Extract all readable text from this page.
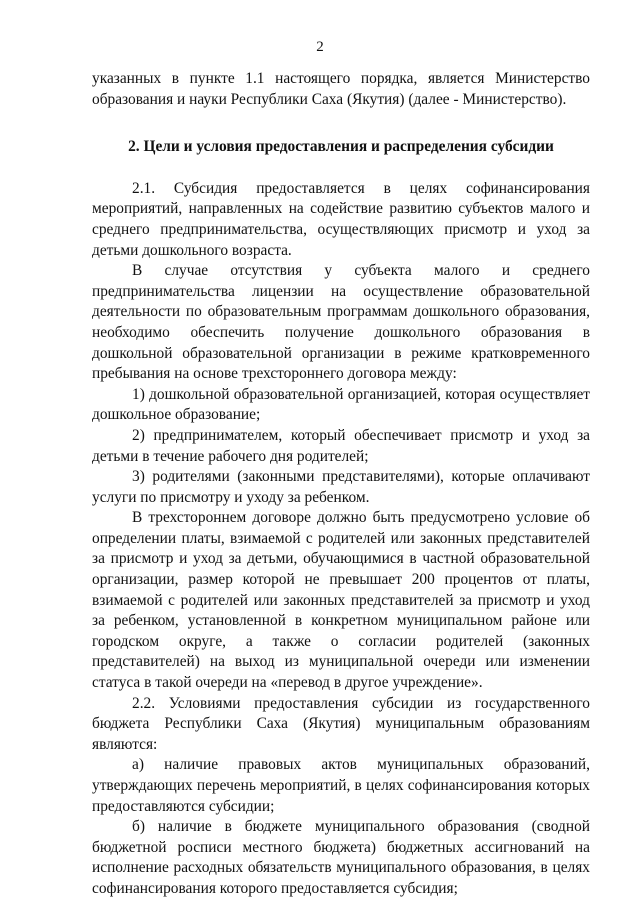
2

указанных в пункте 1.1 настоящего порядка, является Министерство образования и науки Республики Саха (Якутия) (далее - Министерство).

2. Цели и условия предоставления и распределения субсидии

2.1. Субсидия предоставляется в целях софинансирования мероприятий, направленных на содействие развитию субъектов малого и среднего предпринимательства, осуществляющих присмотр и уход за детьми дошкольного возраста.

В случае отсутствия у субъекта малого и среднего предпринимательства лицензии на осуществление образовательной деятельности по образовательным программам дошкольного образования, необходимо обеспечить получение дошкольного образования в дошкольной образовательной организации в режиме кратковременного пребывания на основе трехстороннего договора между:

1) дошкольной образовательной организацией, которая осуществляет дошкольное образование;

2) предпринимателем, который обеспечивает присмотр и уход за детьми в течение рабочего дня родителей;

3) родителями (законными представителями), которые оплачивают услуги по присмотру и уходу за ребенком.

В трехстороннем договоре должно быть предусмотрено условие об определении платы, взимаемой с родителей или законных представителей за присмотр и уход за детьми, обучающимися в частной образовательной организации, размер которой не превышает 200 процентов от платы, взимаемой с родителей или законных представителей за присмотр и уход за ребенком, установленной в конкретном муниципальном районе или городском округе, а также о согласии родителей (законных представителей) на выход из муниципальной очереди или изменении статуса в такой очереди на «перевод в другое учреждение».

2.2. Условиями предоставления субсидии из государственного бюджета Республики Саха (Якутия) муниципальным образованиям являются:

а) наличие правовых актов муниципальных образований, утверждающих перечень мероприятий, в целях софинансирования которых предоставляются субсидии;

б) наличие в бюджете муниципального образования (сводной бюджетной росписи местного бюджета) бюджетных ассигнований на исполнение расходных обязательств муниципального образования, в целях софинансирования которого предоставляется субсидия;
